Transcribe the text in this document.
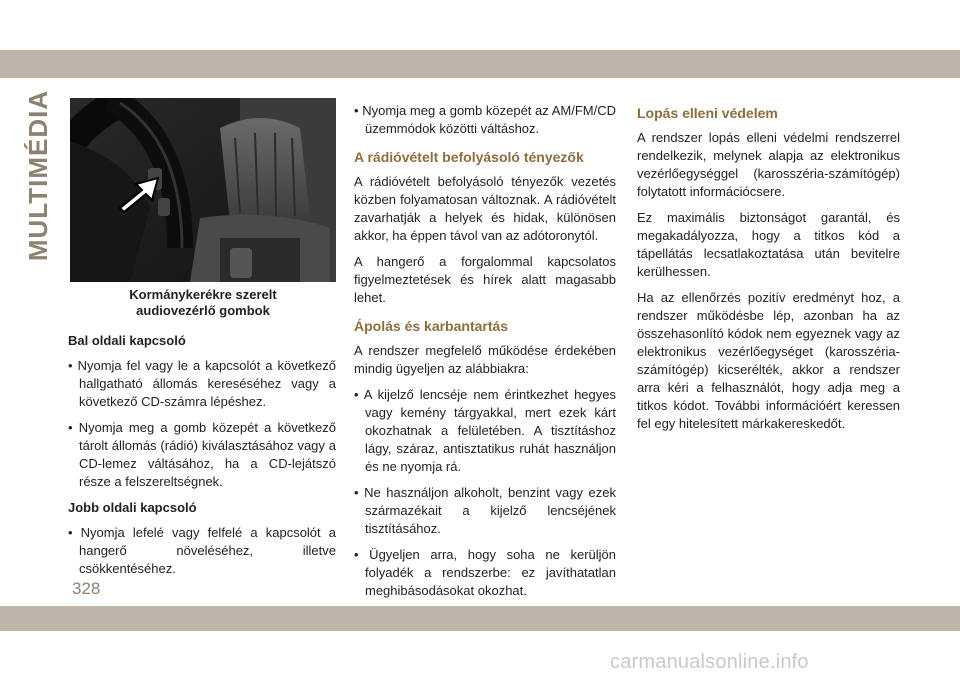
MULTIMÉDIA
Kormánykerékre szerelt
audiovezérlő gombok

Bal oldali kapcsoló

• Nyomja fel vagy le a kapcsolót a következő hallgatható állomás kereséséhez vagy a következő CD-számra lépéshez.

• Nyomja meg a gomb közepét a következő tárolt állomás (rádió) kiválasztásához vagy a CD-lemez váltásához, ha a CD-lejátszó része a felszereltségnek.

Jobb oldali kapcsoló

• Nyomja lefelé vagy felfelé a kapcsolót a hangerő növeléséhez, illetve csökkentéséhez.

• Nyomja meg a gomb közepét az AM/FM/CD üzemmódok közötti váltáshoz.

A rádióvételt befolyásoló tényezők

A rádióvételt befolyásoló tényezők vezetés közben folyamatosan változnak. A rádióvételt zavarhatják a helyek és hidak, különösen akkor, ha éppen távol van az adótoronytól.

A hangerő a forgalommal kapcsolatos figyelmeztetések és hírek alatt magasabb lehet.

Ápolás és karbantartás

A rendszer megfelelő működése érdekében mindig ügyeljen az alábbiakra:

• A kijelző lencséje nem érintkezhet hegyes vagy kemény tárgyakkal, mert ezek kárt okozhatnak a felületében. A tisztításhoz lágy, száraz, antisztatikus ruhát használjon és ne nyomja rá.

• Ne használjon alkoholt, benzint vagy ezek származékait a kijelző lencséjének tisztításához.

• Ügyeljen arra, hogy soha ne kerüljön folyadék a rendszerbe: ez javíthatatlan meghibásodásokat okozhat.

Lopás elleni védelem

A rendszer lopás elleni védelmi rendszerrel rendelkezik, melynek alapja az elektronikus vezérlőegységgel (karosszéria-számítógép) folytatott információcsere.

Ez maximális biztonságot garantál, és megakadályozza, hogy a titkos kód a tápellátás lecsatlakoztatása után bevitelre kerülhessen.

Ha az ellenőrzés pozitív eredményt hoz, a rendszer működésbe lép, azonban ha az összehasonlító kódok nem egyeznek vagy az elektronikus vezérlőegységet (karosszéria-számítógép) kicserélték, akkor a rendszer arra kéri a felhasználót, hogy adja meg a titkos kódot. További információért keressen fel egy hitelesített márkakereskedőt.

328
carmanualsonline.info
